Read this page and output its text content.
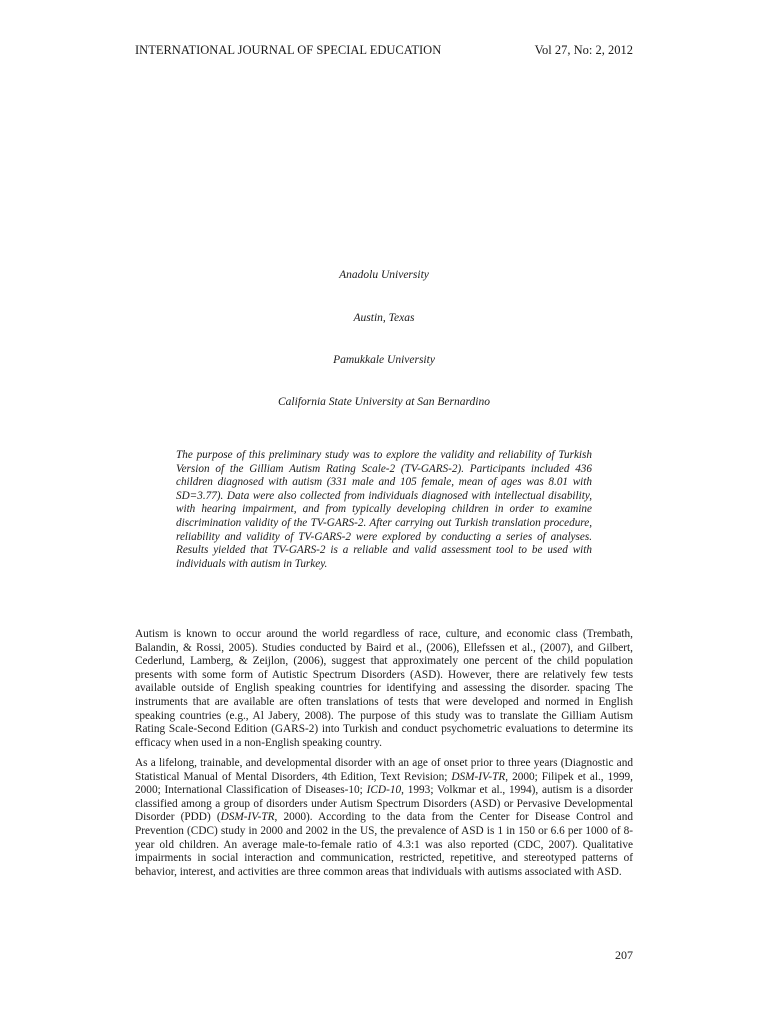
INTERNATIONAL JOURNAL OF SPECIAL EDUCATION	Vol 27, No: 2, 2012
Anadolu University
Austin, Texas
Pamukkale University
California State University at San Bernardino

The purpose of this preliminary study was to explore the validity and reliability of Turkish Version of the Gilliam Autism Rating Scale-2 (TV-GARS-2). Participants included 436 children diagnosed with autism (331 male and 105 female, mean of ages was 8.01 with SD=3.77). Data were also collected from individuals diagnosed with intellectual disability, with hearing impairment, and from typically developing children in order to examine discrimination validity of the TV-GARS-2. After carrying out Turkish translation procedure, reliability and validity of TV-GARS-2 were explored by conducting a series of analyses. Results yielded that TV-GARS-2 is a reliable and valid assessment tool to be used with individuals with autism in Turkey.

Autism is known to occur around the world regardless of race, culture, and economic class (Trembath, Balandin, & Rossi, 2005). Studies conducted by Baird et al., (2006), Ellefssen et al., (2007), and Gilbert, Cederlund, Lamberg, & Zeijlon, (2006), suggest that approximately one percent of the child population presents with some form of Autistic Spectrum Disorders (ASD). However, there are relatively few tests available outside of English speaking countries for identifying and assessing the disorder. spacing The instruments that are available are often translations of tests that were developed and normed in English speaking countries (e.g., Al Jabery, 2008). The purpose of this study was to translate the Gilliam Autism Rating Scale-Second Edition (GARS-2) into Turkish and conduct psychometric evaluations to determine its efficacy when used in a non-English speaking country.

As a lifelong, trainable, and developmental disorder with an age of onset prior to three years (Diagnostic and Statistical Manual of Mental Disorders, 4th Edition, Text Revision; DSM-IV-TR, 2000; Filipek et al., 1999, 2000; International Classification of Diseases-10; ICD-10, 1993; Volkmar et al., 1994), autism is a disorder classified among a group of disorders under Autism Spectrum Disorders (ASD) or Pervasive Developmental Disorder (PDD) (DSM-IV-TR, 2000). According to the data from the Center for Disease Control and Prevention (CDC) study in 2000 and 2002 in the US, the prevalence of ASD is 1 in 150 or 6.6 per 1000 of 8-year old children. An average male-to-female ratio of 4.3:1 was also reported (CDC, 2007). Qualitative impairments in social interaction and communication, restricted, repetitive, and stereotyped patterns of behavior, interest, and activities are three common areas that individuals with autisms associated with ASD.

207
